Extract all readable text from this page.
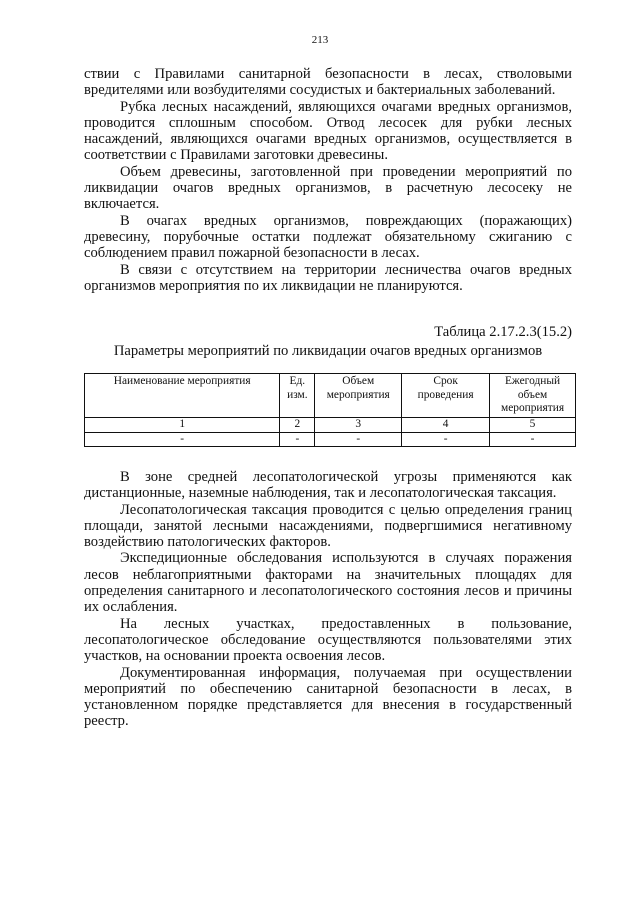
213

ствии с Правилами санитарной безопасности в лесах, стволовыми вредителями или возбудителями сосудистых и бактериальных заболеваний.

Рубка лесных насаждений, являющихся очагами вредных организмов, проводится сплошным способом. Отвод лесосек для рубки лесных насаждений, являющихся очагами вредных организмов, осуществляется в соответствии с Правилами заготовки древесины.

Объем древесины, заготовленной при проведении мероприятий по ликвидации очагов вредных организмов, в расчетную лесосеку не включается.

В очагах вредных организмов, повреждающих (поражающих) древесину, порубочные остатки подлежат обязательному сжиганию с соблюдением правил пожарной безопасности в лесах.

В связи с отсутствием на территории лесничества очагов вредных организмов мероприятия по их ликвидации не планируются.

Таблица 2.17.2.3(15.2)
Параметры мероприятий по ликвидации очагов вредных организмов
Наименование мероприятия	Ед. изм.	Объем мероприятия	Срок проведения	Ежегодный объем мероприятия
1	2	3	4	5
-	-	-	-	-

В зоне средней лесопатологической угрозы применяются как дистанционные, наземные наблюдения, так и лесопатологическая таксация.

Лесопатологическая таксация проводится с целью определения границ площади, занятой лесными насаждениями, подвергшимися негативному воздействию патологических факторов.

Экспедиционные обследования используются в случаях поражения лесов неблагоприятными факторами на значительных площадях для определения санитарного и лесопатологического состояния лесов и причины их ослабления.

На лесных участках, предоставленных в пользование, лесопатологическое обследование осуществляются пользователями этих участков, на основании проекта освоения лесов.

Документированная информация, получаемая при осуществлении мероприятий по обеспечению санитарной безопасности в лесах, в установленном порядке представляется для внесения в государственный реестр.
